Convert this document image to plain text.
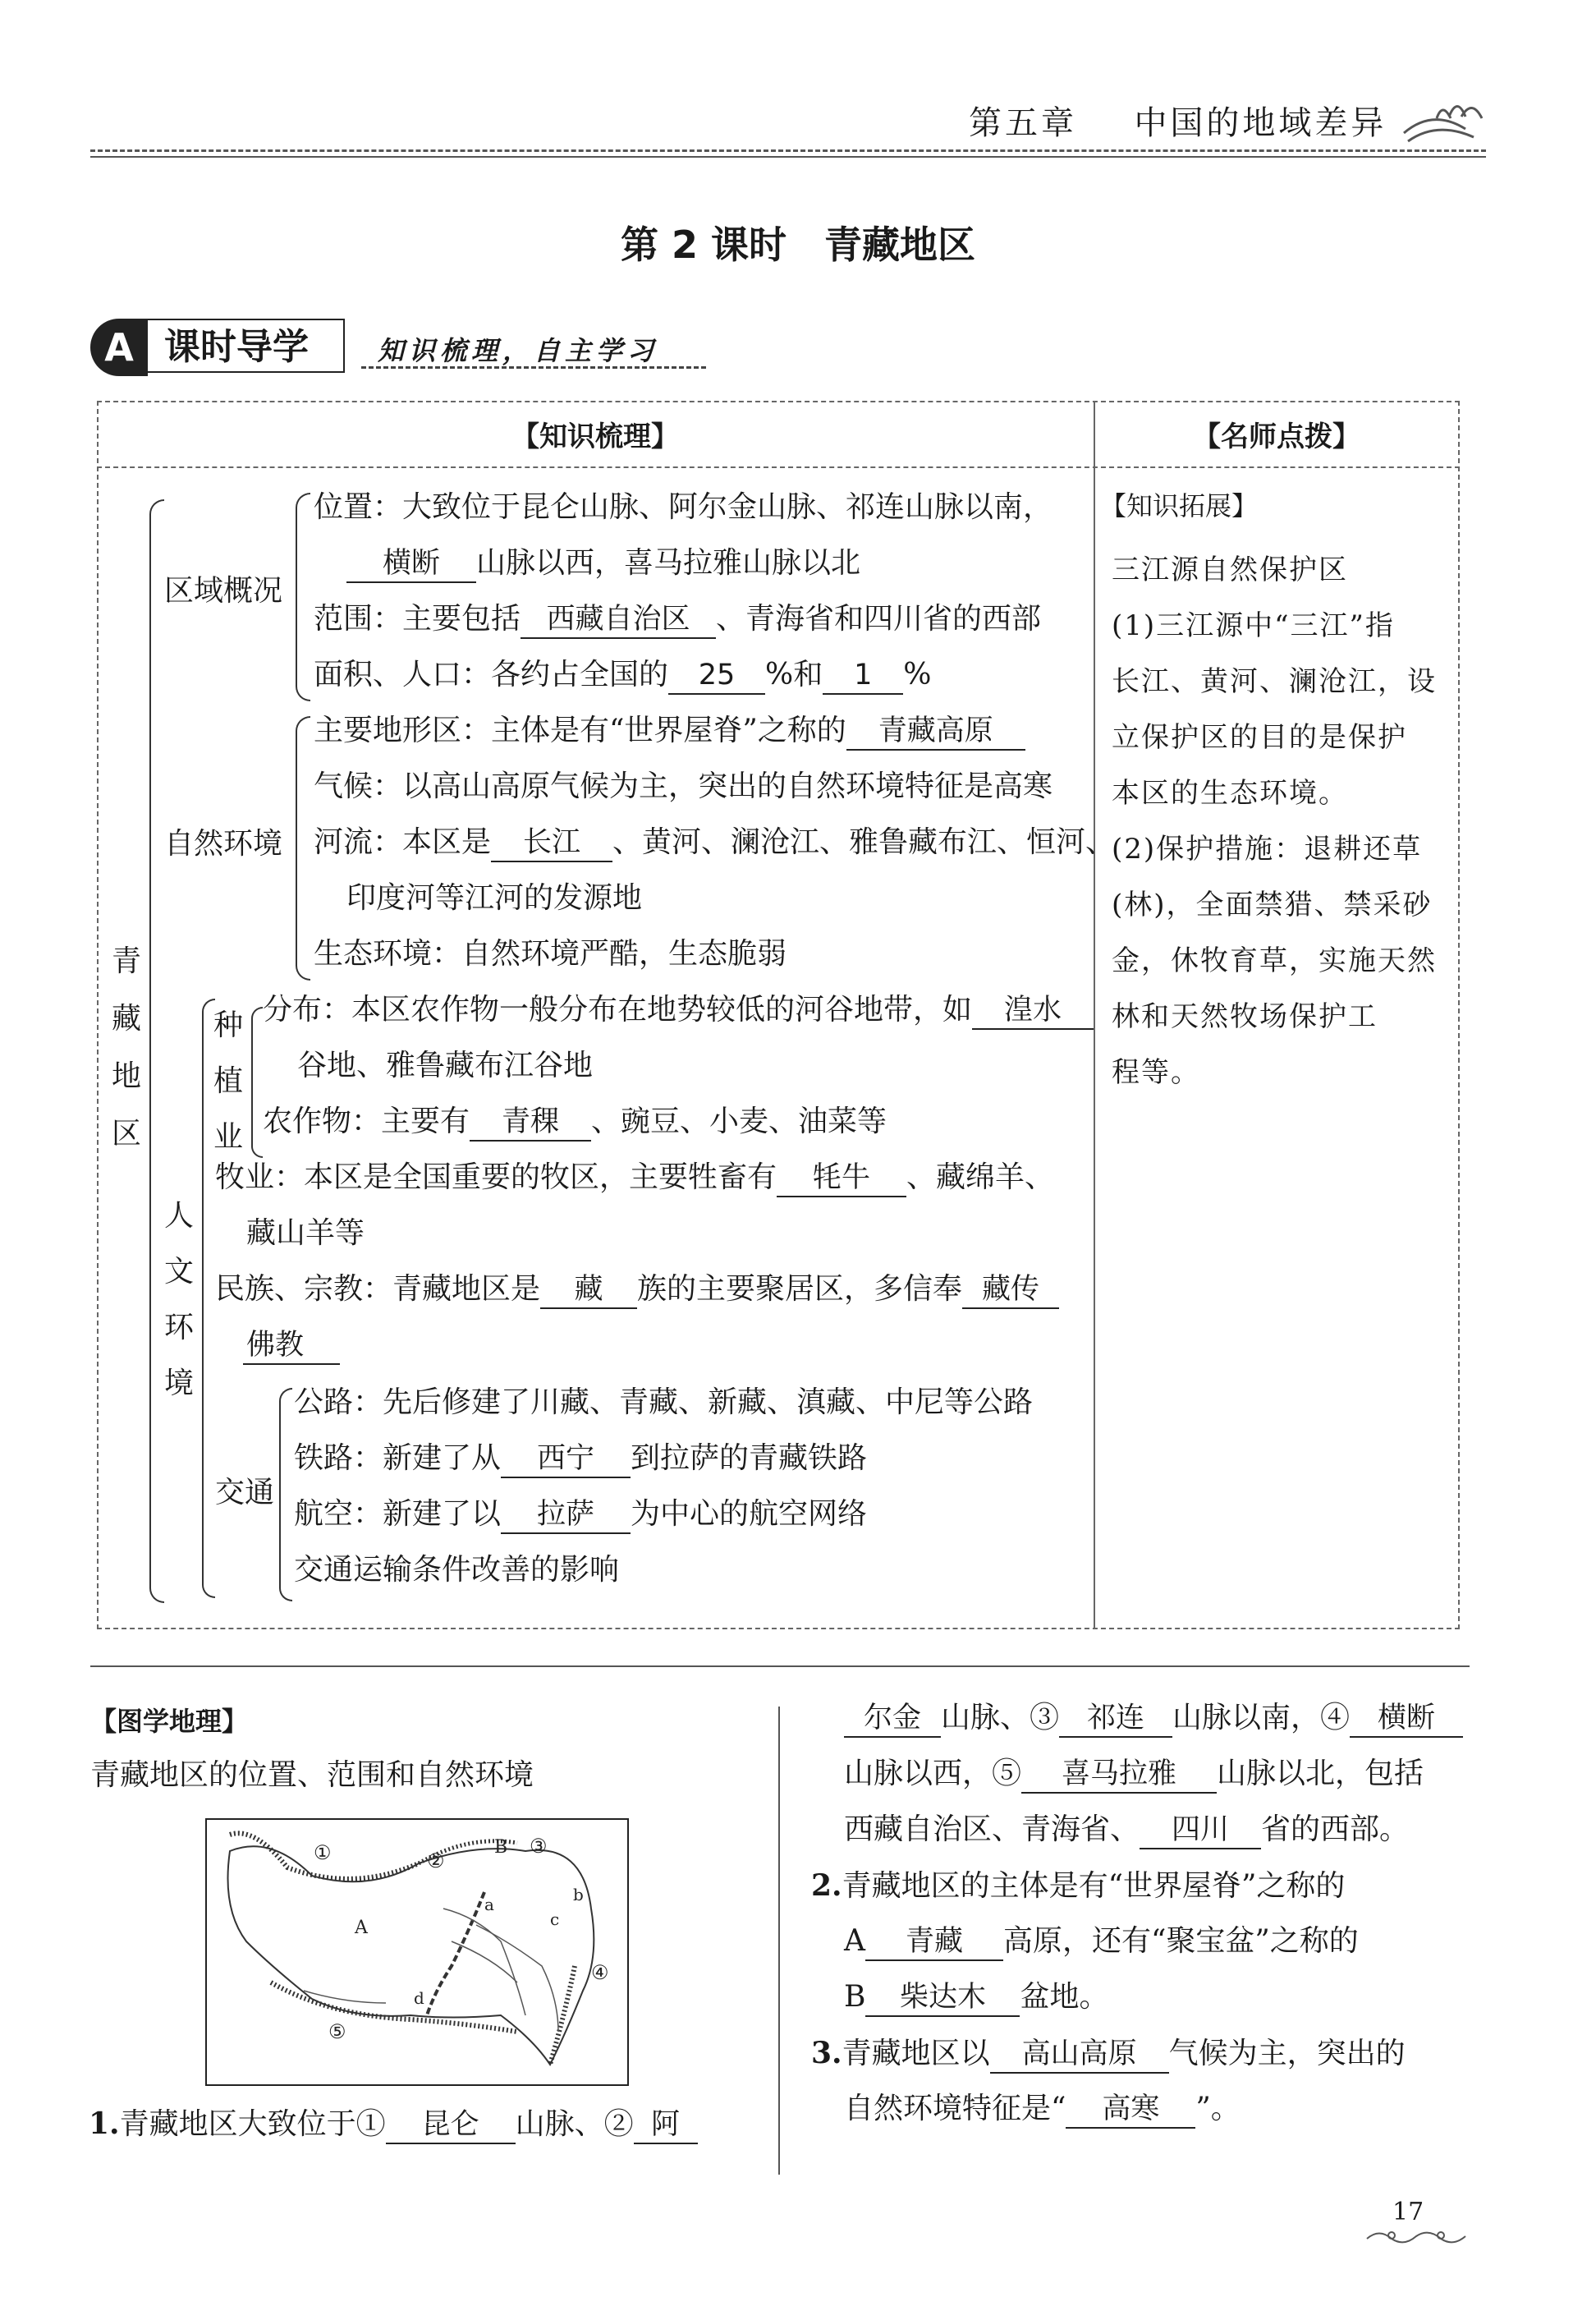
第五章 中国的地域差异
第 2 课时　青藏地区
A 课时导学	知识梳理，自主学习
【知识梳理】	【名师点拨】
青
藏
地
区
区域概况
位置：大致位于昆仑山脉、阿尔金山脉、祁连山脉以南，
横断 山脉以西，喜马拉雅山脉以北
范围：主要包括 西藏自治区 、青海省和四川省的西部
面积、人口：各约占全国的 25 %和 1 %
自然环境
主要地形区：主体是有“世界屋脊”之称的 青藏高原
气候：以高山高原气候为主，突出的自然环境特征是高寒
河流：本区是 长江 、黄河、澜沧江、雅鲁藏布江、恒河、
印度河等江河的发源地
生态环境：自然环境严酷，生态脆弱
人
文
环
境
种
植
业
分布：本区农作物一般分布在地势较低的河谷地带，如 湟水
谷地、雅鲁藏布江谷地
农作物：主要有 青稞 、豌豆、小麦、油菜等
牧业：本区是全国重要的牧区，主要牲畜有 牦牛 、藏绵羊、
藏山羊等
民族、宗教：青藏地区是 藏 族的主要聚居区，多信奉 藏传
佛教
交通
公路：先后修建了川藏、青藏、新藏、滇藏、中尼等公路
铁路：新建了从 西宁 到拉萨的青藏铁路
航空：新建了以 拉萨 为中心的航空网络
交通运输条件改善的影响
【知识拓展】
三江源自然保护区
(1)三江源中“三江”指
长江、黄河、澜沧江，设
立保护区的目的是保护
本区的生态环境。
(2)保护措施：退耕还草
(林)，全面禁猎、禁采砂
金，休牧育草，实施天然
林和天然牧场保护工
程等。
【图学地理】
青藏地区的位置、范围和自然环境
①	②
③
④
⑤
A
B
a	b
c
d
1.青藏地区大致位于① 昆仑 山脉、② 阿
尔金 山脉、③ 祁连 山脉以南，④ 横断
山脉以西，⑤ 喜马拉雅 山脉以北，包括
西藏自治区、青海省、 四川 省的西部。
2.青藏地区的主体是有“世界屋脊”之称的
A 青藏 高原，还有“聚宝盆”之称的
B 柴达木 盆地。
3.青藏地区以 高山高原 气候为主，突出的
自然环境特征是“ 高寒 ”。
17
